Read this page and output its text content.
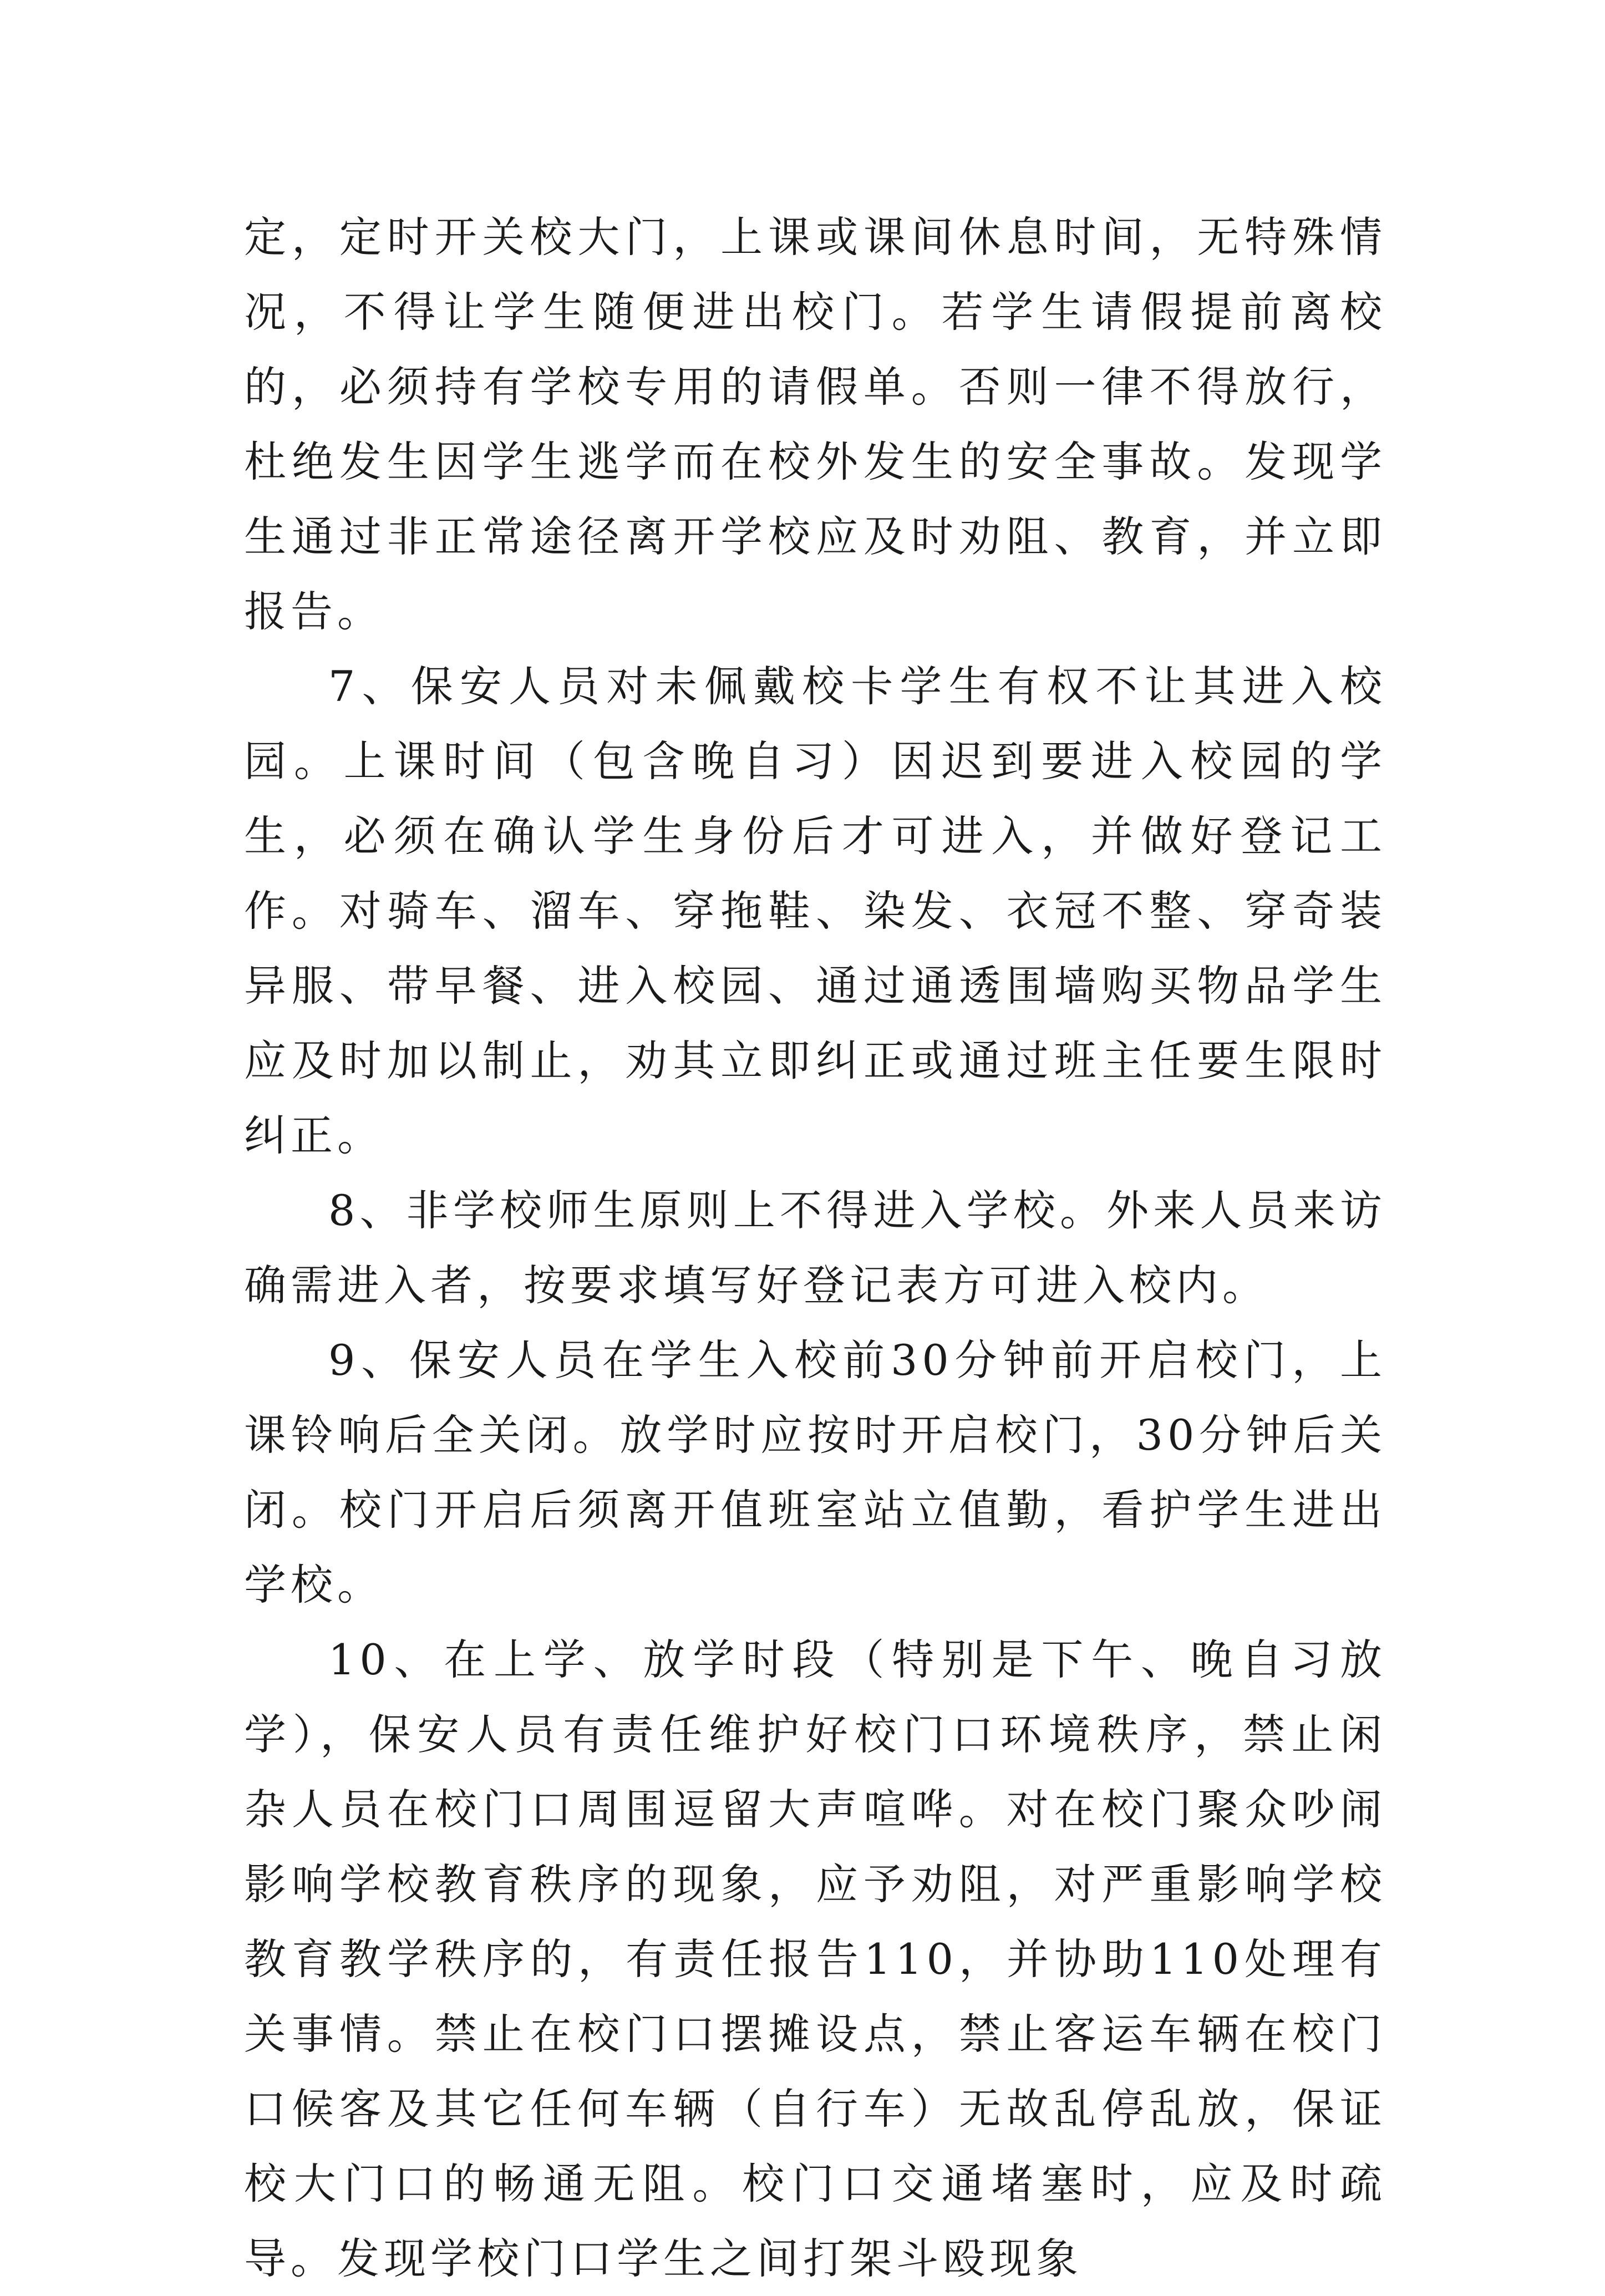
定，定时开关校大门，上课或课间休息时间，无特殊情况，不得让学生随便进出校门。若学生请假提前离校的，必须持有学校专用的请假单。否则一律不得放行，杜绝发生因学生逃学而在校外发生的安全事故。发现学生通过非正常途径离开学校应及时劝阻、教育，并立即报告。

7、保安人员对未佩戴校卡学生有权不让其进入校园。上课时间（包含晚自习）因迟到要进入校园的学生，必须在确认学生身份后才可进入，并做好登记工作。对骑车、溜车、穿拖鞋、染发、衣冠不整、穿奇装异服、带早餐、进入校园、通过通透围墙购买物品学生应及时加以制止，劝其立即纠正或通过班主任要生限时纠正。

8、非学校师生原则上不得进入学校。外来人员来访确需进入者，按要求填写好登记表方可进入校内。

9、保安人员在学生入校前30分钟前开启校门，上课铃响后全关闭。放学时应按时开启校门，30分钟后关闭。校门开启后须离开值班室站立值勤，看护学生进出学校。

10、在上学、放学时段（特别是下午、晚自习放学），保安人员有责任维护好校门口环境秩序，禁止闲杂人员在校门口周围逗留大声喧哗。对在校门聚众吵闹影响学校教育秩序的现象，应予劝阻，对严重影响学校教育教学秩序的，有责任报告110，并协助110处理有关事情。禁止在校门口摆摊设点，禁止客运车辆在校门口候客及其它任何车辆（自行车）无故乱停乱放，保证校大门口的畅通无阻。校门口交通堵塞时，应及时疏导。发现学校门口学生之间打架斗殴现象
